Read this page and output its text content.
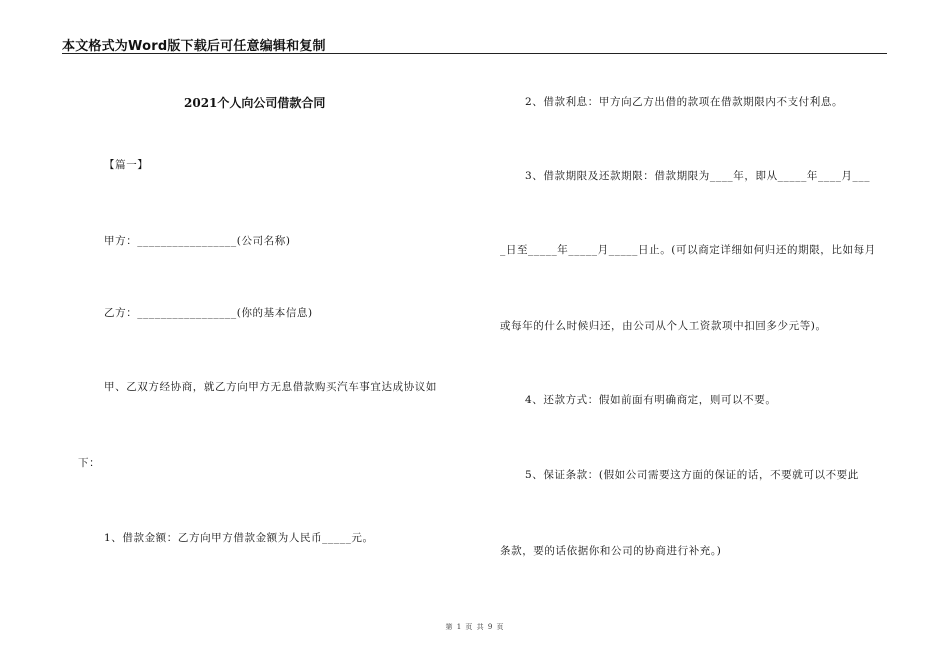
本文格式为Word版下载后可任意编辑和复制
2021个人向公司借款合同
【篇一】
甲方：_________________(公司名称)
乙方：_________________(你的基本信息)
甲、乙双方经协商，就乙方向甲方无息借款购买汽车事宜达成协议如
下：
1、借款金额：乙方向甲方借款金额为人民币_____元。
2、借款利息：甲方向乙方出借的款项在借款期限内不支付利息。
3、借款期限及还款期限：借款期限为____年，即从_____年____月___
_日至_____年_____月_____日止。(可以商定详细如何归还的期限，比如每月
或每年的什么时候归还，由公司从个人工资款项中扣回多少元等)。
4、还款方式：假如前面有明确商定，则可以不要。
5、保证条款：(假如公司需要这方面的保证的话，不要就可以不要此
条款，要的话依据你和公司的协商进行补充。)
第 1 页 共 9 页
